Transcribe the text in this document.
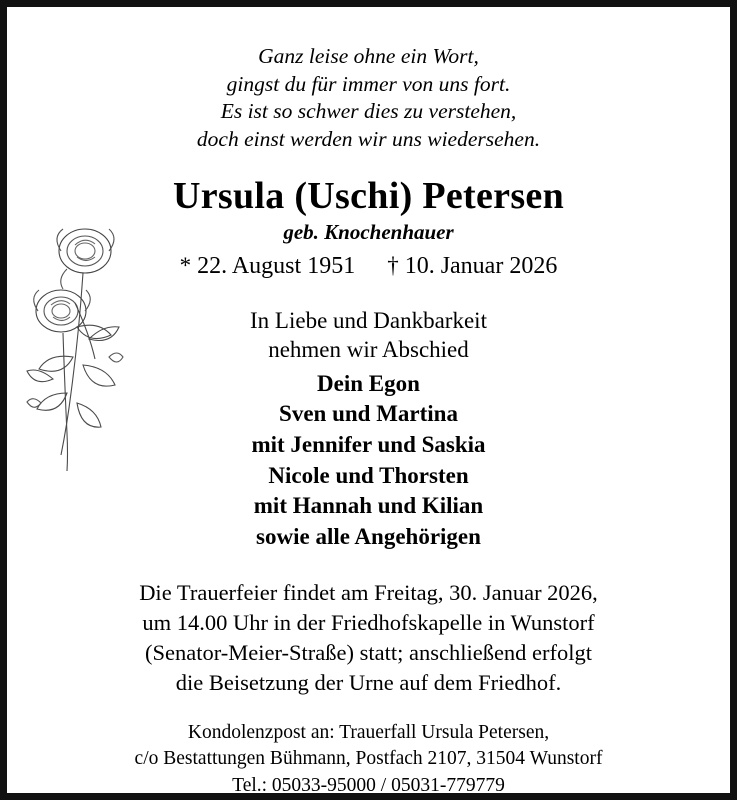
Ganz leise ohne ein Wort,
gingst du für immer von uns fort.
Es ist so schwer dies zu verstehen,
doch einst werden wir uns wiedersehen.
Ursula (Uschi) Petersen
geb. Knochenhauer
* 22. August 1951 † 10. Januar 2026
In Liebe und Dankbarkeit
nehmen wir Abschied
Dein Egon
Sven und Martina
mit Jennifer und Saskia
Nicole und Thorsten
mit Hannah und Kilian
sowie alle Angehörigen
Die Trauerfeier findet am Freitag, 30. Januar 2026,
um 14.00 Uhr in der Friedhofskapelle in Wunstorf
(Senator-Meier-Straße) statt; anschließend erfolgt
die Beisetzung der Urne auf dem Friedhof.
Kondolenzpost an: Trauerfall Ursula Petersen,
c/o Bestattungen Bühmann, Postfach 2107, 31504 Wunstorf
Tel.: 05033-95000 / 05031-779779
